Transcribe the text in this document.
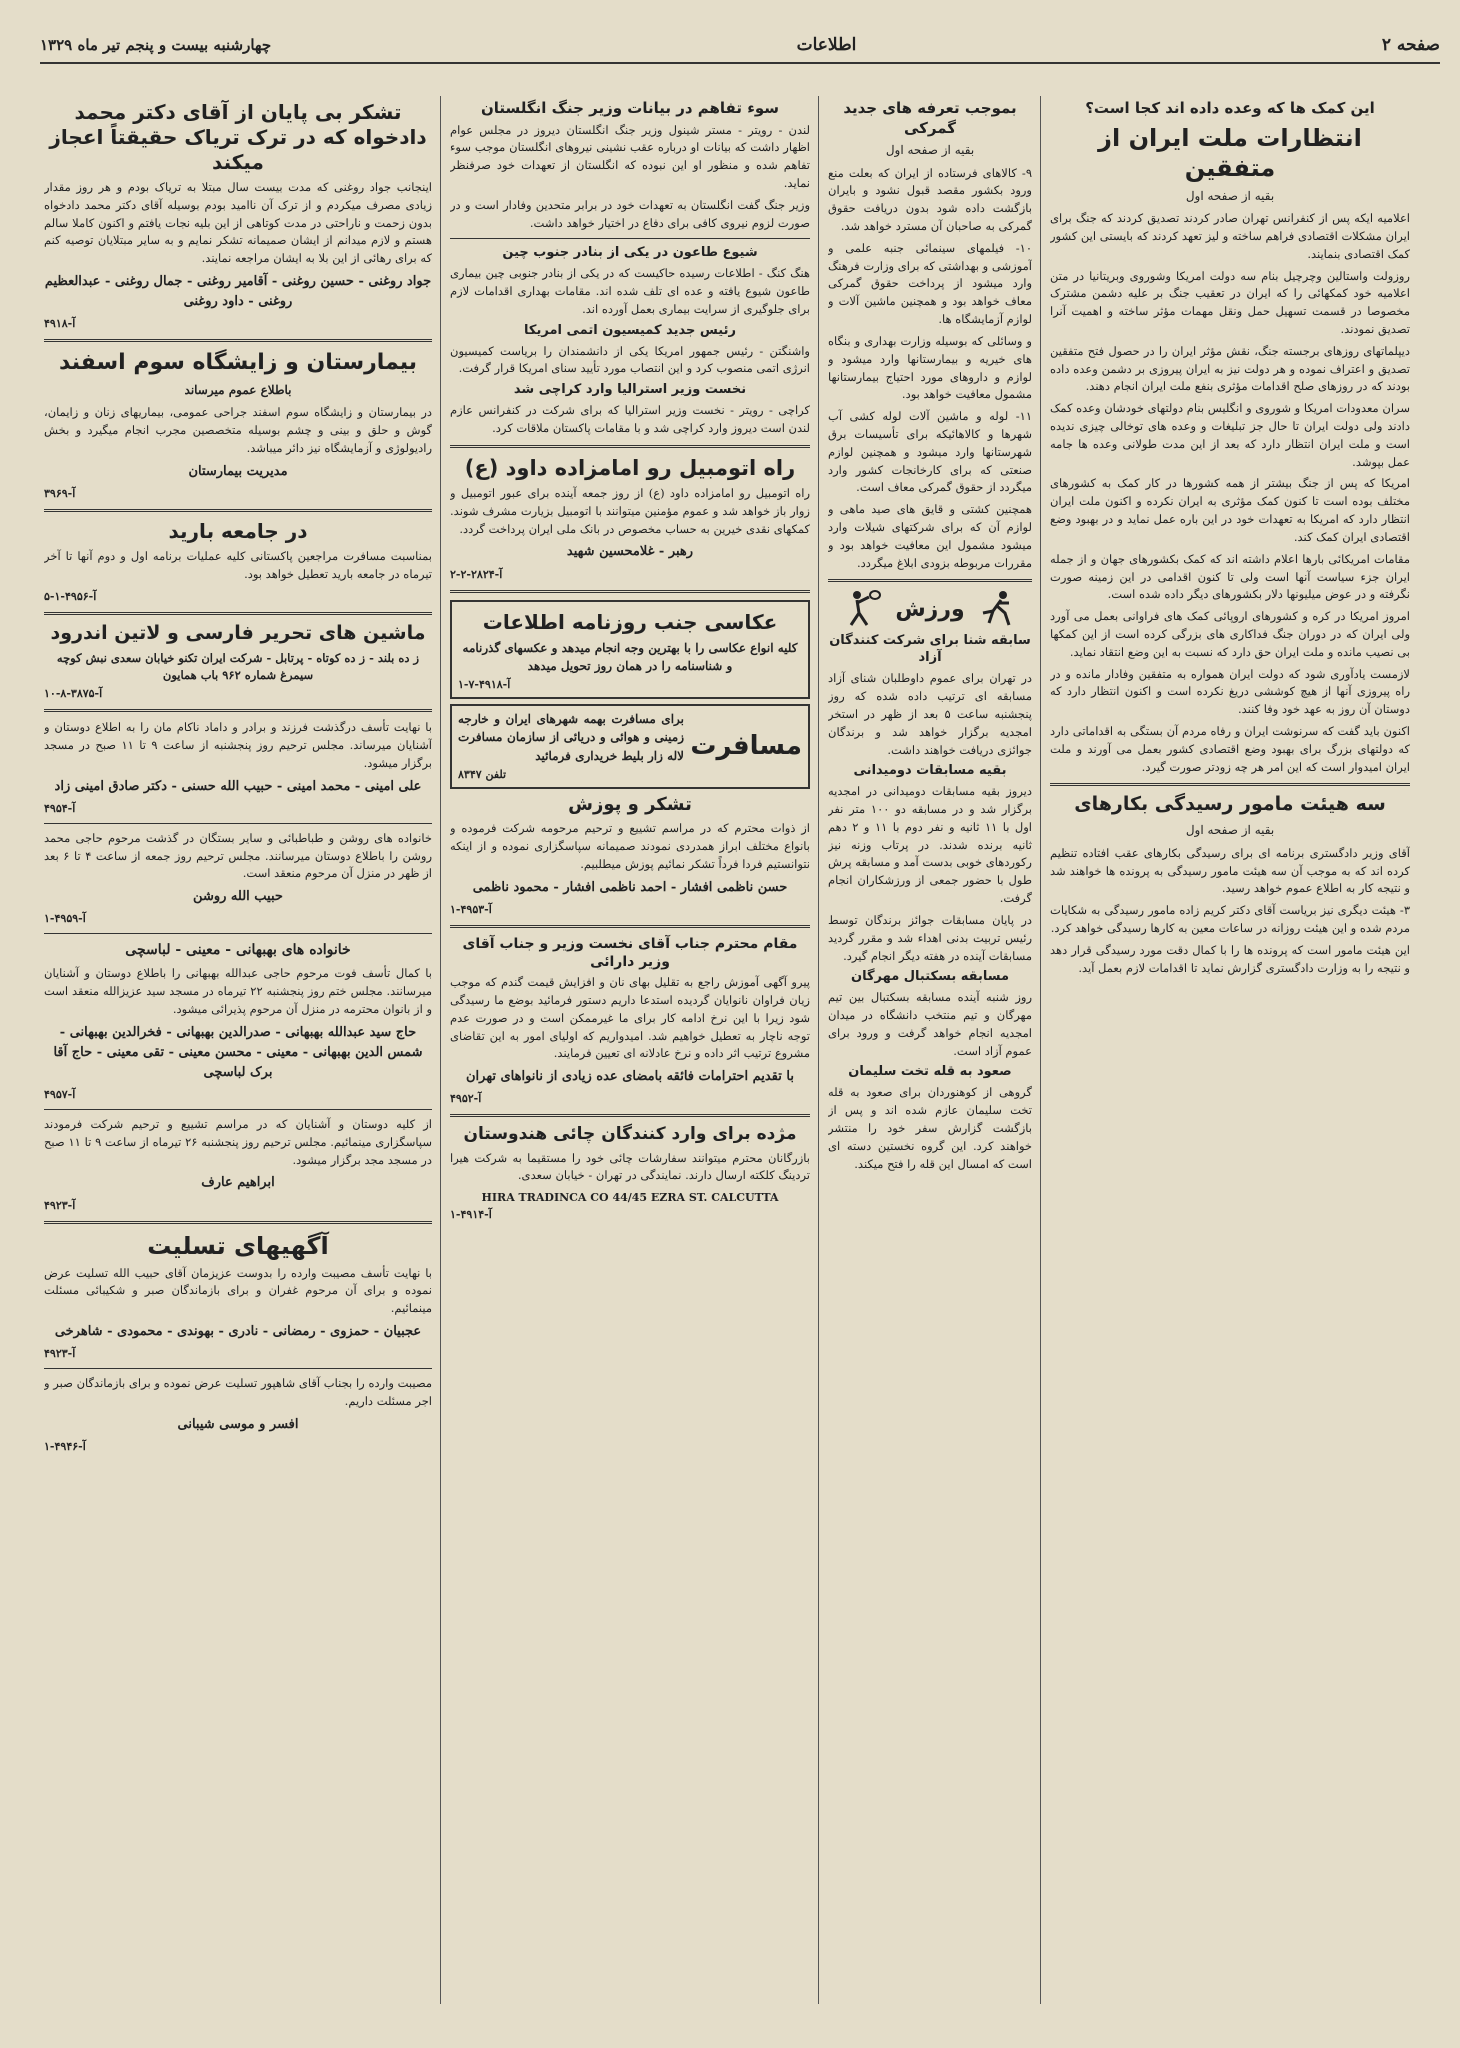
صفحه ۲
اطلاعات
چهارشنبه بیست و پنجم تیر ماه ۱۳۲۹
این کمک ها که وعده داده اند کجا است؟
انتظارات ملت ایران از متفقین
بقیه از صفحه اول

اعلامیه ایکه پس از کنفرانس تهران صادر کردند تصدیق کردند که جنگ برای ایران مشکلات اقتصادی فراهم ساخته و لیز تعهد کردند که بایستی این کشور کمک اقتصادی بنمایند.

روزولت واستالین وچرچیل بنام سه دولت امریکا وشوروی وبریتانیا در متن اعلامیه خود کمکهائی را که ایران در تعقیب جنگ بر علیه دشمن مشترک مخصوصا در قسمت تسهیل حمل ونقل مهمات مؤثر ساخته و اهمیت آنرا تصدیق نمودند.

دیپلماتهای روزهای برجسته جنگ، نقش مؤثر ایران را در حصول فتح متفقین تصدیق و اعتراف نموده و هر دولت نیز به ایران پیروزی بر دشمن وعده داده بودند که در روزهای صلح اقدامات مؤثری بنفع ملت ایران انجام دهند.

سران معدودات امریکا و شوروی و انگلیس بنام دولتهای خودشان وعده کمک دادند ولی دولت ایران تا حال جز تبلیغات و وعده های توخالی چیزی ندیده است و ملت ایران انتظار دارد که بعد از این مدت طولانی وعده ها جامه عمل بپوشد.

امریکا که پس از جنگ بیشتر از همه کشورها در کار کمک به کشورهای مختلف بوده است تا کنون کمک مؤثری به ایران نکرده و اکنون ملت ایران انتظار دارد که امریکا به تعهدات خود در این باره عمل نماید و در بهبود وضع اقتصادی ایران کمک کند.

مقامات امریکائی بارها اعلام داشته اند که کمک بکشورهای جهان و از جمله ایران جزء سیاست آنها است ولی تا کنون اقدامی در این زمینه صورت نگرفته و در عوض میلیونها دلار بکشورهای دیگر داده شده است.

امروز امریکا در کره و کشورهای اروپائی کمک های فراوانی بعمل می آورد ولی ایران که در دوران جنگ فداکاری های بزرگی کرده است از این کمکها بی نصیب مانده و ملت ایران حق دارد که نسبت به این وضع انتقاد نماید.

لازمست یادآوری شود که دولت ایران همواره به متفقین وفادار مانده و در راه پیروزی آنها از هیچ کوششی دریغ نکرده است و اکنون انتظار دارد که دوستان آن روز به عهد خود وفا کنند.

اکنون باید گفت که سرنوشت ایران و رفاه مردم آن بستگی به اقداماتی دارد که دولتهای بزرگ برای بهبود وضع اقتصادی کشور بعمل می آورند و ملت ایران امیدوار است که این امر هر چه زودتر صورت گیرد.

سه هیئت مامور رسیدگی بکارهای
بقیه از صفحه اول

آقای وزیر دادگستری برنامه ای برای رسیدگی بکارهای عقب افتاده تنظیم کرده اند که به موجب آن سه هیئت مامور رسیدگی به پرونده ها خواهند شد و نتیجه کار به اطلاع عموم خواهد رسید.

۳- هیئت دیگری نیز بریاست آقای دکتر کریم زاده مامور رسیدگی به شکایات مردم شده و این هیئت روزانه در ساعات معین به کارها رسیدگی خواهد کرد.

این هیئت مامور است که پرونده ها را با کمال دقت مورد رسیدگی قرار دهد و نتیجه را به وزارت دادگستری گزارش نماید تا اقدامات لازم بعمل آید.

بموجب تعرفه های جدید گمرکی
بقیه از صفحه اول

۹- کالاهای فرستاده از ایران که بعلت منع ورود بکشور مقصد قبول نشود و بایران بازگشت داده شود بدون دریافت حقوق گمرکی به صاحبان آن مسترد خواهد شد.

۱۰- فیلمهای سینمائی جنبه علمی و آموزشی و بهداشتی که برای وزارت فرهنگ وارد میشود از پرداخت حقوق گمرکی معاف خواهد بود و همچنین ماشین آلات و لوازم آزمایشگاه ها.

و وسائلی که بوسیله وزارت بهداری و بنگاه های خیریه و بیمارستانها وارد میشود و لوازم و داروهای مورد احتیاج بیمارستانها مشمول معافیت خواهد بود.

۱۱- لوله و ماشین آلات لوله کشی آب شهرها و کالاهائیکه برای تأسیسات برق شهرستانها وارد میشود و همچنین لوازم صنعتی که برای کارخانجات کشور وارد میگردد از حقوق گمرکی معاف است.

همچنین کشتی و قایق های صید ماهی و لوازم آن که برای شرکتهای شیلات وارد میشود مشمول این معافیت خواهد بود و مقررات مربوطه بزودی ابلاغ میگردد.

ورزش
سابقه شنا برای شرکت کنندگان آزاد

در تهران برای عموم داوطلبان شنای آزاد مسابقه ای ترتیب داده شده که روز پنجشنبه ساعت ۵ بعد از ظهر در استخر امجدیه برگزار خواهد شد و برندگان جوائزی دریافت خواهند داشت.

بقیه مسابقات دومیدانی

دیروز بقیه مسابقات دومیدانی در امجدیه برگزار شد و در مسابقه دو ۱۰۰ متر نفر اول با ۱۱ ثانیه و نفر دوم با ۱۱ و ۲ دهم ثانیه برنده شدند. در پرتاب وزنه نیز رکوردهای خوبی بدست آمد و مسابقه پرش طول با حضور جمعی از ورزشکاران انجام گرفت.

در پایان مسابقات جوائز برندگان توسط رئیس تربیت بدنی اهداء شد و مقرر گردید مسابقات آینده در هفته دیگر انجام گیرد.

مسابقه بسکتبال مهرگان

روز شنبه آینده مسابقه بسکتبال بین تیم مهرگان و تیم منتخب دانشگاه در میدان امجدیه انجام خواهد گرفت و ورود برای عموم آزاد است.

صعود به قله تخت سلیمان

گروهی از کوهنوردان برای صعود به قله تخت سلیمان عازم شده اند و پس از بازگشت گزارش سفر خود را منتشر خواهند کرد. این گروه نخستین دسته ای است که امسال این قله را فتح میکند.

سوء تفاهم در بیانات وزیر جنگ انگلستان

لندن - رویتر - مستر شینول وزیر جنگ انگلستان دیروز در مجلس عوام اظهار داشت که بیانات او درباره عقب نشینی نیروهای انگلستان موجب سوء تفاهم شده و منظور او این نبوده که انگلستان از تعهدات خود صرفنظر نماید.

وزیر جنگ گفت انگلستان به تعهدات خود در برابر متحدین وفادار است و در صورت لزوم نیروی کافی برای دفاع در اختیار خواهد داشت.

شیوع طاعون در یکی از بنادر جنوب چین

هنگ کنگ - اطلاعات رسیده حاکیست که در یکی از بنادر جنوبی چین بیماری طاعون شیوع یافته و عده ای تلف شده اند. مقامات بهداری اقدامات لازم برای جلوگیری از سرایت بیماری بعمل آورده اند.

رئیس جدید کمیسیون اتمی امریکا

واشنگتن - رئیس جمهور امریکا یکی از دانشمندان را بریاست کمیسیون انرژی اتمی منصوب کرد و این انتصاب مورد تأیید سنای امریکا قرار گرفت.

نخست وزیر استرالیا وارد کراچی شد

کراچی - رویتر - نخست وزیر استرالیا که برای شرکت در کنفرانس عازم لندن است دیروز وارد کراچی شد و با مقامات پاکستان ملاقات کرد.

راه اتومبیل رو امامزاده داود (ع)

راه اتومبیل رو امامزاده داود (ع) از روز جمعه آینده برای عبور اتومبیل و زوار باز خواهد شد و عموم مؤمنین میتوانند با اتومبیل بزیارت مشرف شوند. کمکهای نقدی خیرین به حساب مخصوص در بانک ملی ایران پرداخت گردد.

رهبر - غلامحسین شهید
آ-۲۸۲۴-۲-۲
عکاسی جنب روزنامه اطلاعات
کلیه انواع عکاسی را با بهترین وجه انجام میدهد و عکسهای گذرنامه و شناسنامه را در همان روز تحویل میدهد
آ-۴۹۱۸-۷-۱
مسافرت
برای مسافرت بهمه شهرهای ایران و خارجه زمینی و هوائی و دریائی از سازمان مسافرت لاله زار بلیط خریداری فرمائید
تلفن ۸۳۴۷
تشکر و پوزش

از ذوات محترم که در مراسم تشییع و ترحیم مرحومه شرکت فرموده و بانواع مختلف ابراز همدردی نمودند صمیمانه سپاسگزاری نموده و از اینکه نتوانستیم فردا فرداً تشکر نمائیم پوزش میطلبیم.

حسن ناظمی افشار - احمد ناظمی افشار - محمود ناظمی
آ-۴۹۵۳-۱
مقام محترم جناب آقای نخست وزیر و جناب آقای وزیر دارائی

پیرو آگهی آموزش راجع به تقلیل بهای نان و افزایش قیمت گندم که موجب زیان فراوان نانوایان گردیده استدعا داریم دستور فرمائید بوضع ما رسیدگی شود زیرا با این نرخ ادامه کار برای ما غیرممکن است و در صورت عدم توجه ناچار به تعطیل خواهیم شد. امیدواریم که اولیای امور به این تقاضای مشروع ترتیب اثر داده و نرخ عادلانه ای تعیین فرمایند.

با تقدیم احترامات فائقه بامضای عده زیادی از نانواهای تهران
آ-۴۹۵۲
مژده برای وارد کنندگان چائی هندوستان

بازرگانان محترم میتوانند سفارشات چائی خود را مستقیما به شرکت هیرا تردینگ کلکته ارسال دارند. نمایندگی در تهران - خیابان سعدی.

HIRA TRADINCA CO 44/45 EZRA ST. CALCUTTA
آ-۴۹۱۴-۱
تشکر بی پایان از آقای دکتر محمد دادخواه که در ترک تریاک حقیقتاً اعجاز میکند

اینجانب جواد روغنی که مدت بیست سال مبتلا به تریاک بودم و هر روز مقدار زیادی مصرف میکردم و از ترک آن ناامید بودم بوسیله آقای دکتر محمد دادخواه بدون زحمت و ناراحتی در مدت کوتاهی از این بلیه نجات یافتم و اکنون کاملا سالم هستم و لازم میدانم از ایشان صمیمانه تشکر نمایم و به سایر مبتلایان توصیه کنم که برای رهائی از این بلا به ایشان مراجعه نمایند.

جواد روغنی - حسین روغنی - آقامیر روغنی - جمال روغنی - عبدالعظیم روغنی - داود روغنی
آ-۴۹۱۸
بیمارستان و زایشگاه سوم اسفند
باطلاع عموم میرساند

در بیمارستان و زایشگاه سوم اسفند جراحی عمومی، بیماریهای زنان و زایمان، گوش و حلق و بینی و چشم بوسیله متخصصین مجرب انجام میگیرد و بخش رادیولوژی و آزمایشگاه نیز دائر میباشد.

مدیریت بیمارستان
آ-۳۹۶۹
در جامعه بارید

بمناسبت مسافرت مراجعین پاکستانی کلیه عملیات برنامه اول و دوم آنها تا آخر تیرماه در جامعه بارید تعطیل خواهد بود.

آ-۴۹۵۶-۱-۵
ماشین های تحریر فارسی و لاتین اندرود
ز ده بلند - ز ده کوتاه - پرتابل - شرکت ایران تکنو خیابان سعدی نبش کوچه سیمرغ شماره ۹۶۲ باب همایون
آ-۳۸۷۵-۸-۱۰

با نهایت تأسف درگذشت فرزند و برادر و داماد ناکام مان را به اطلاع دوستان و آشنایان میرساند. مجلس ترحیم روز پنجشنبه از ساعت ۹ تا ۱۱ صبح در مسجد برگزار میشود.

علی امینی - محمد امینی - حبیب الله حسنی - دکتر صادق امینی زاد
آ-۴۹۵۴

خانواده های روشن و طباطبائی و سایر بستگان در گذشت مرحوم حاجی محمد روشن را باطلاع دوستان میرسانند. مجلس ترحیم روز جمعه از ساعت ۴ تا ۶ بعد از ظهر در منزل آن مرحوم منعقد است.

حبیب الله روشن
آ-۴۹۵۹-۱
خانواده های بهبهانی - معینی - لباسچی

با کمال تأسف فوت مرحوم حاجی عبدالله بهبهانی را باطلاع دوستان و آشنایان میرسانند. مجلس ختم روز پنجشنبه ۲۲ تیرماه در مسجد سید عزیزالله منعقد است و از بانوان محترمه در منزل آن مرحوم پذیرائی میشود.

حاج سید عبدالله بهبهانی - صدرالدین بهبهانی - فخرالدین بهبهانی - شمس الدین بهبهانی - معینی - محسن معینی - تقی معینی - حاج آقا برک لباسچی
آ-۴۹۵۷

از کلیه دوستان و آشنایان که در مراسم تشییع و ترحیم شرکت فرمودند سپاسگزاری مینمائیم. مجلس ترحیم روز پنجشنبه ۲۶ تیرماه از ساعت ۹ تا ۱۱ صبح در مسجد مجد برگزار میشود.

ابراهیم عارف
آ-۴۹۲۳
آگهیهای تسلیت

با نهایت تأسف مصیبت وارده را بدوست عزیزمان آقای حبیب الله تسلیت عرض نموده و برای آن مرحوم غفران و برای بازماندگان صبر و شکیبائی مسئلت مینمائیم.

عجبیان - حمزوی - رمضانی - نادری - بهوندی - محمودی - شاهرخی
آ-۴۹۲۳

مصیبت وارده را بجناب آقای شاهپور تسلیت عرض نموده و برای بازماندگان صبر و اجر مسئلت داریم.

افسر و موسی شیبانی
آ-۴۹۴۶-۱
